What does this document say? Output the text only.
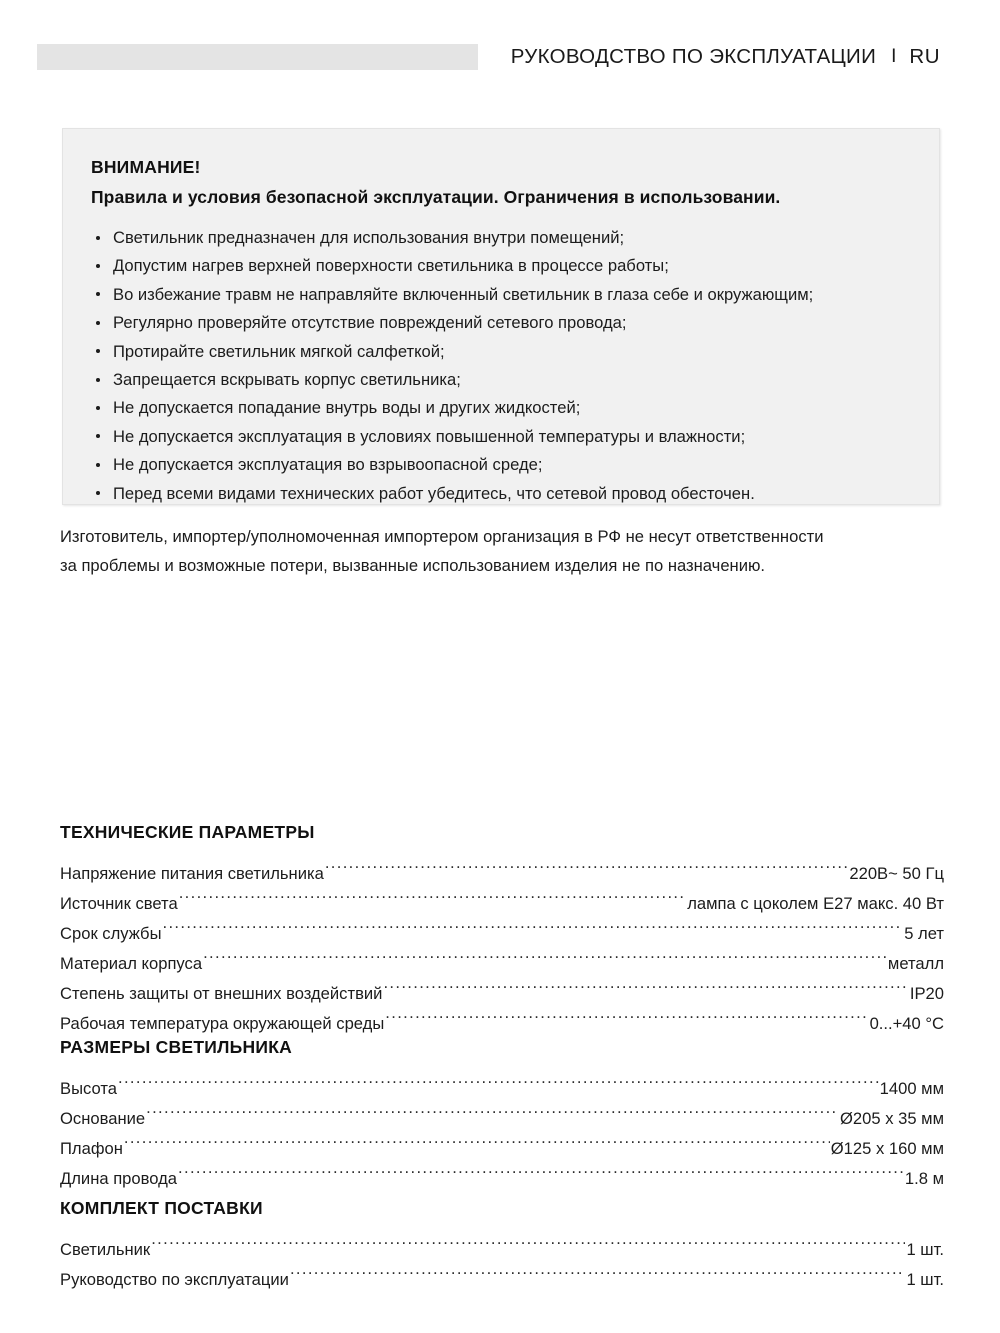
РУКОВОДСТВО ПО ЭКСПЛУАТАЦИИ I RU
ВНИМАНИЕ!
Правила и условия безопасной эксплуатации. Ограничения в использовании.
Светильник предназначен для использования внутри помещений;
Допустим нагрев верхней поверхности светильника в процессе работы;
Во избежание травм не направляйте включенный светильник в глаза себе и окружающим;
Регулярно проверяйте отсутствие повреждений сетевого провода;
Протирайте светильник мягкой салфеткой;
Запрещается вскрывать корпус светильника;
Не допускается попадание внутрь воды и других жидкостей;
Не допускается эксплуатация в условиях повышенной температуры и влажности;
Не допускается эксплуатация во взрывоопасной среде;
Перед всеми видами технических работ убедитесь, что сетевой провод обесточен.

Изготовитель, импортер/уполномоченная импортером организация в РФ не несут ответственности

за проблемы и возможные потери, вызванные использованием изделия не по назначению.

ТЕХНИЧЕСКИЕ ПАРАМЕТРЫ
Напряжение питания светильника .....	220В~ 50 Гц
Источник света .....	лампа с цоколем E27 макс. 40 Вт
Срок службы .....	5 лет
Материал корпуса .....	металл
Степень защиты от внешних воздействий .....	IP20
Рабочая температура окружающей среды .....	0...+40 °C
РАЗМЕРЫ СВЕТИЛЬНИКА
Высота .....	1400 мм
Основание .....	Ø205 x 35 мм
Плафон .....	Ø125 x 160 мм
Длина провода .....	1.8 м
КОМПЛЕКТ ПОСТАВКИ
Светильник .....	1 шт.
Руководство по эксплуатации .....	1 шт.
